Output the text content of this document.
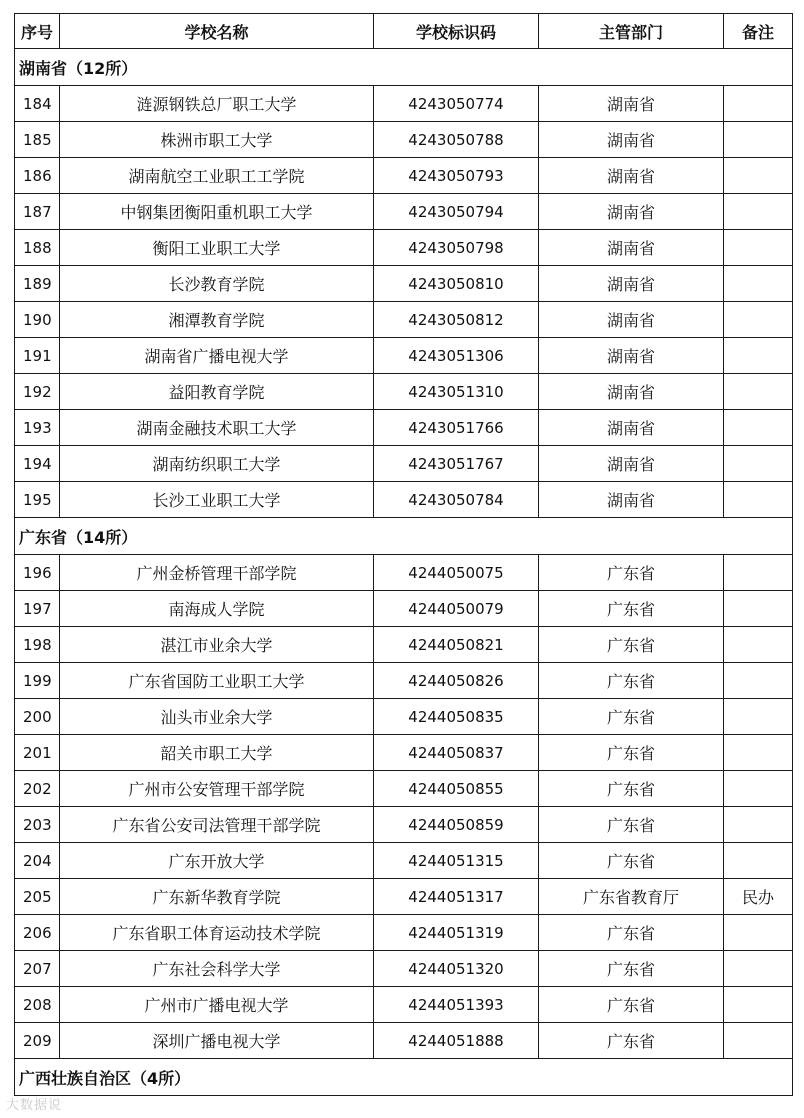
序号	学校名称	学校标识码	主管部门	备注
湖南省（12所）				
184	涟源钢铁总厂职工大学	4243050774	湖南省	
185	株洲市职工大学	4243050788	湖南省	
186	湖南航空工业职工工学院	4243050793	湖南省	
187	中钢集团衡阳重机职工大学	4243050794	湖南省	
188	衡阳工业职工大学	4243050798	湖南省	
189	长沙教育学院	4243050810	湖南省	
190	湘潭教育学院	4243050812	湖南省	
191	湖南省广播电视大学	4243051306	湖南省	
192	益阳教育学院	4243051310	湖南省	
193	湖南金融技术职工大学	4243051766	湖南省	
194	湖南纺织职工大学	4243051767	湖南省	
195	长沙工业职工大学	4243050784	湖南省	
广东省（14所）				
196	广州金桥管理干部学院	4244050075	广东省	
197	南海成人学院	4244050079	广东省	
198	湛江市业余大学	4244050821	广东省	
199	广东省国防工业职工大学	4244050826	广东省	
200	汕头市业余大学	4244050835	广东省	
201	韶关市职工大学	4244050837	广东省	
202	广州市公安管理干部学院	4244050855	广东省	
203	广东省公安司法管理干部学院	4244050859	广东省	
204	广东开放大学	4244051315	广东省	
205	广东新华教育学院	4244051317	广东省教育厅	民办
206	广东省职工体育运动技术学院	4244051319	广东省	
207	广东社会科学大学	4244051320	广东省	
208	广州市广播电视大学	4244051393	广东省	
209	深圳广播电视大学	4244051888	广东省	
广西壮族自治区（4所）				
大数据说
